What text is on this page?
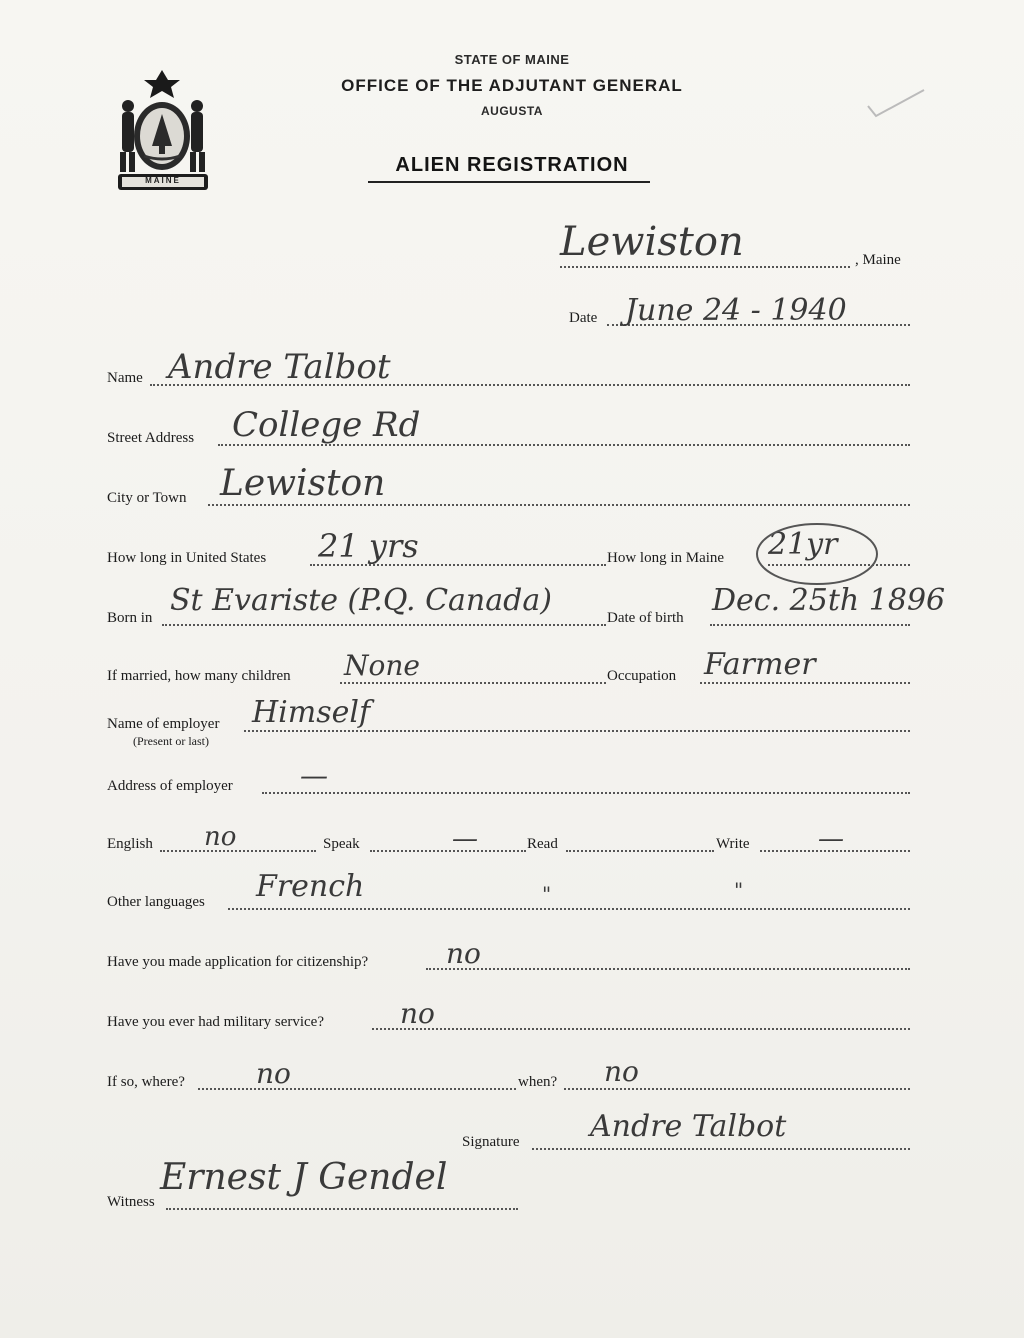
MAINE
STATE OF MAINE
OFFICE OF THE ADJUTANT GENERAL
AUGUSTA
ALIEN REGISTRATION
Lewiston	, Maine
Date June 24 - 1940
Name Andre Talbot
Street Address College Rd
City or Town Lewiston
How long in United States 21 yrs	How long in Maine 21yr
Born in St Evariste (P.Q. Canada)	Date of birth Dec. 25th 1896
If married, how many children None	Occupation Farmer
Name of employer
(Present or last)
Himself
Address of employer —
English no	Speak	—	Read	Write	—
Other languages French	"	"
Have you made application for citizenship?	no
Have you ever had military service?	no
If so, where?	no	when? no
Signature Andre Talbot
Witness
Ernest J Gendel
